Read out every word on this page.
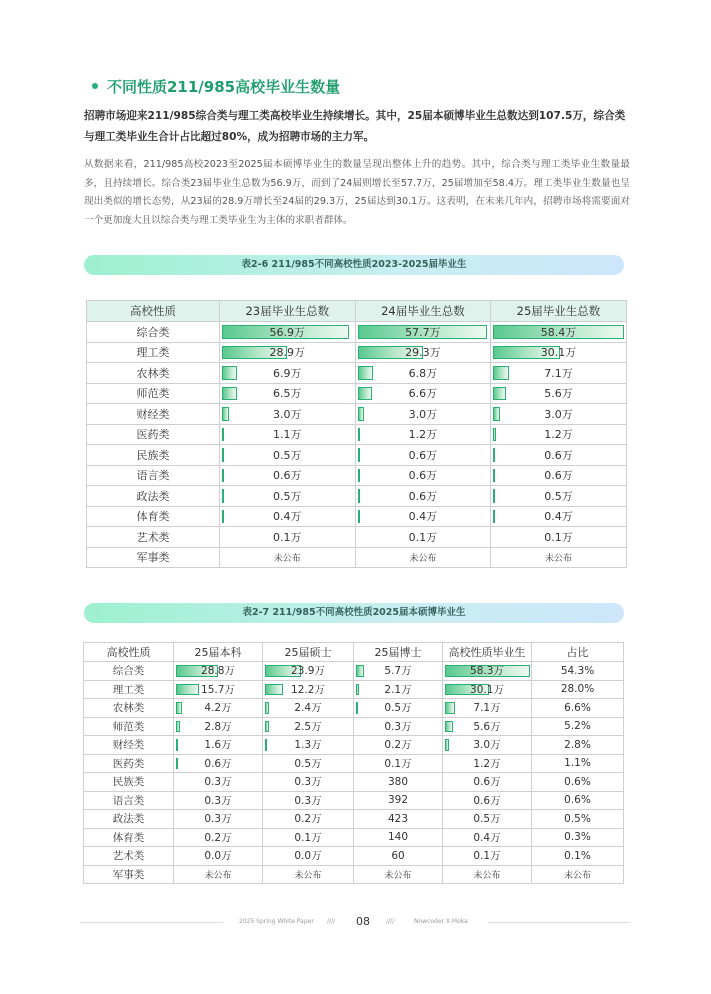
不同性质211/985高校毕业生数量
招聘市场迎来211/985综合类与理工类高校毕业生持续增长。其中，25届本硕博毕业生总数达到107.5万，综合类与理工类毕业生合计占比超过80%，成为招聘市场的主力军。
从数据来看，211/985高校2023至2025届本硕博毕业生的数量呈现出整体上升的趋势。其中，综合类与理工类毕业生数量最多，且持续增长。综合类23届毕业生总数为56.9万，而到了24届则增长至57.7万，25届增加至58.4万。理工类毕业生数量也呈现出类似的增长态势，从23届的28.9万增长至24届的29.3万，25届达到30.1万。这表明，在未来几年内，招聘市场将需要面对一个更加庞大且以综合类与理工类毕业生为主体的求职者群体。
表2-6 211/985不同高校性质2023-2025届毕业生
高校性质	23届毕业生总数	24届毕业生总数	25届毕业生总数
综合类	56.9万	57.7万	58.4万
理工类	28.9万	29.3万	30.1万
农林类	6.9万	6.8万	7.1万
师范类	6.5万	6.6万	5.6万
财经类	3.0万	3.0万	3.0万
医药类	1.1万	1.2万	1.2万
民族类	0.5万	0.6万	0.6万
语言类	0.6万	0.6万	0.6万
政法类	0.5万	0.6万	0.5万
体育类	0.4万	0.4万	0.4万
艺术类	0.1万	0.1万	0.1万
军事类	未公布	未公布	未公布
表2-7 211/985不同高校性质2025届本硕博毕业生
高校性质	25届本科	25届硕士	25届博士	高校性质毕业生	占比
综合类	28.8万	23.9万	5.7万	58.3万	54.3%
理工类	15.7万	12.2万	2.1万	30.1万	28.0%
农林类	4.2万	2.4万	0.5万	7.1万	6.6%
师范类	2.8万	2.5万	0.3万	5.6万	5.2%
财经类	1.6万	1.3万	0.2万	3.0万	2.8%
医药类	0.6万	0.5万	0.1万	1.2万	1.1%
民族类	0.3万	0.3万	380	0.6万	0.6%
语言类	0.3万	0.3万	392	0.6万	0.6%
政法类	0.3万	0.2万	423	0.5万	0.5%
体育类	0.2万	0.1万	140	0.4万	0.3%
艺术类	0.0万	0.0万	60	0.1万	0.1%
军事类	未公布	未公布	未公布	未公布	未公布
2025 Spring White Paper //// 08	////	Nowcoder X Moka
